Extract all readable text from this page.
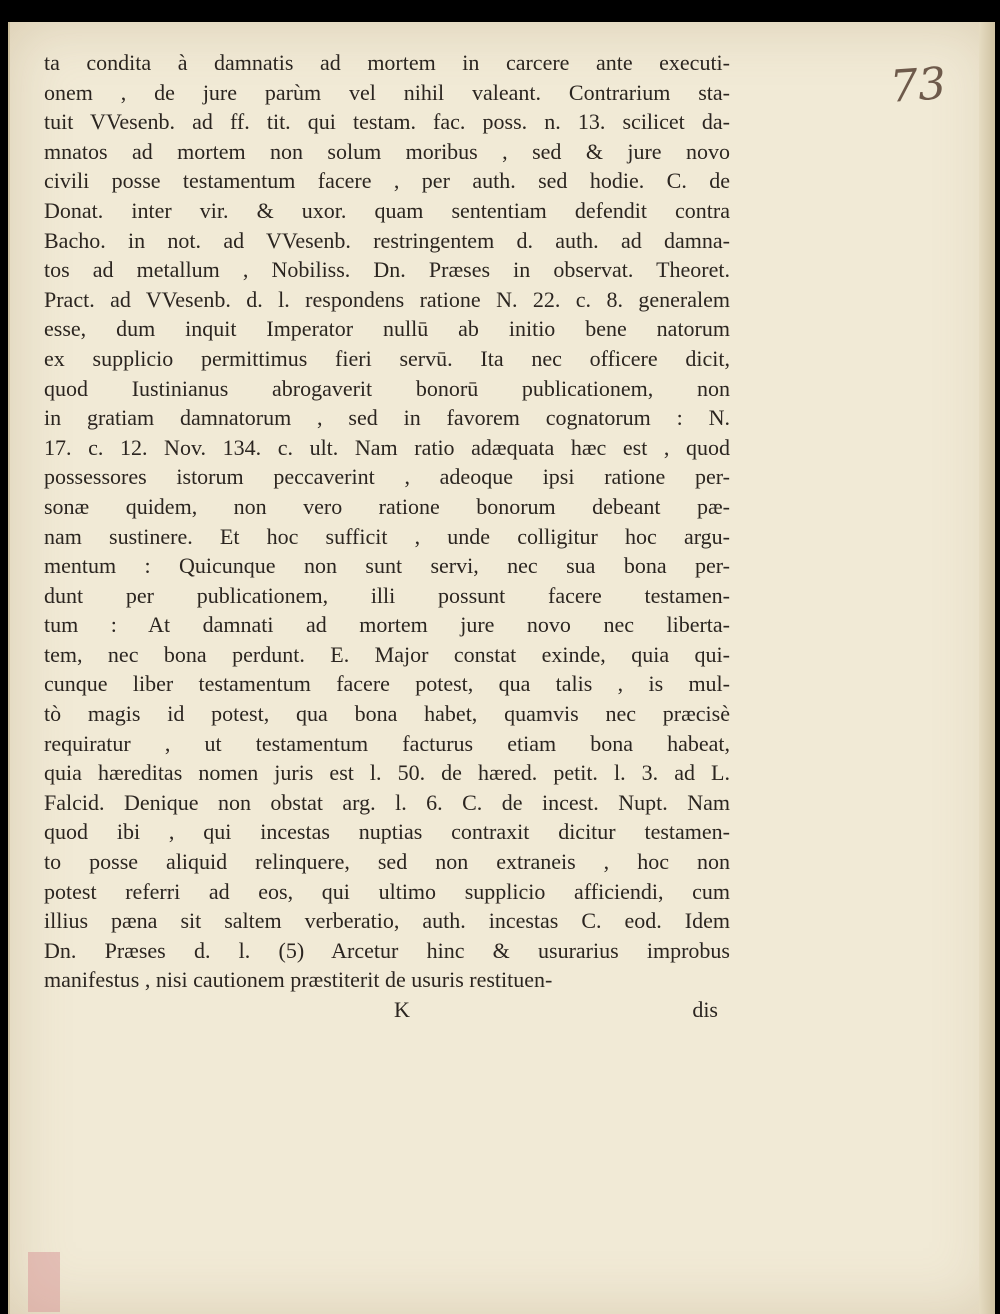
73
ta condita à damnatis ad mortem in carcere ante executi-
onem , de jure parùm vel nihil valeant. Contrarium sta-
tuit VVesenb. ad ff. tit. qui testam. fac. poss. n. 13. scilicet da-
mnatos ad mortem non solum moribus , sed & jure novo
civili posse testamentum facere , per auth. sed hodie. C. de
Donat. inter vir. & uxor. quam sententiam defendit contra
Bacho. in not. ad VVesenb. restringentem d. auth. ad damna-
tos ad metallum , Nobiliss. Dn. Præses in observat. Theoret.
Pract. ad VVesenb. d. l. respondens ratione N. 22. c. 8. generalem
esse, dum inquit Imperator nullū ab initio bene natorum
ex supplicio permittimus fieri servū. Ita nec officere dicit,
quod Iustinianus abrogaverit bonorū publicationem, non
in gratiam damnatorum , sed in favorem cognatorum : N.
17. c. 12. Nov. 134. c. ult. Nam ratio adæquata hæc est , quod
possessores istorum peccaverint , adeoque ipsi ratione per-
sonæ quidem, non vero ratione bonorum debeant pæ-
nam sustinere. Et hoc sufficit , unde colligitur hoc argu-
mentum : Quicunque non sunt servi, nec sua bona per-
dunt per publicationem, illi possunt facere testamen-
tum : At damnati ad mortem jure novo nec liberta-
tem, nec bona perdunt. E. Major constat exinde, quia qui-
cunque liber testamentum facere potest, qua talis , is mul-
tò magis id potest, qua bona habet, quamvis nec præcisè
requiratur , ut testamentum facturus etiam bona habeat,
quia hæreditas nomen juris est l. 50. de hæred. petit. l. 3. ad L.
Falcid. Denique non obstat arg. l. 6. C. de incest. Nupt. Nam
quod ibi , qui incestas nuptias contraxit dicitur testamen-
to posse aliquid relinquere, sed non extraneis , hoc non
potest referri ad eos, qui ultimo supplicio afficiendi, cum
illius pæna sit saltem verberatio, auth. incestas C. eod. Idem
Dn. Præses d. l. (5) Arcetur hinc & usurarius improbus
manifestus , nisi cautionem præstiterit de usuris restituen-
K	dis
